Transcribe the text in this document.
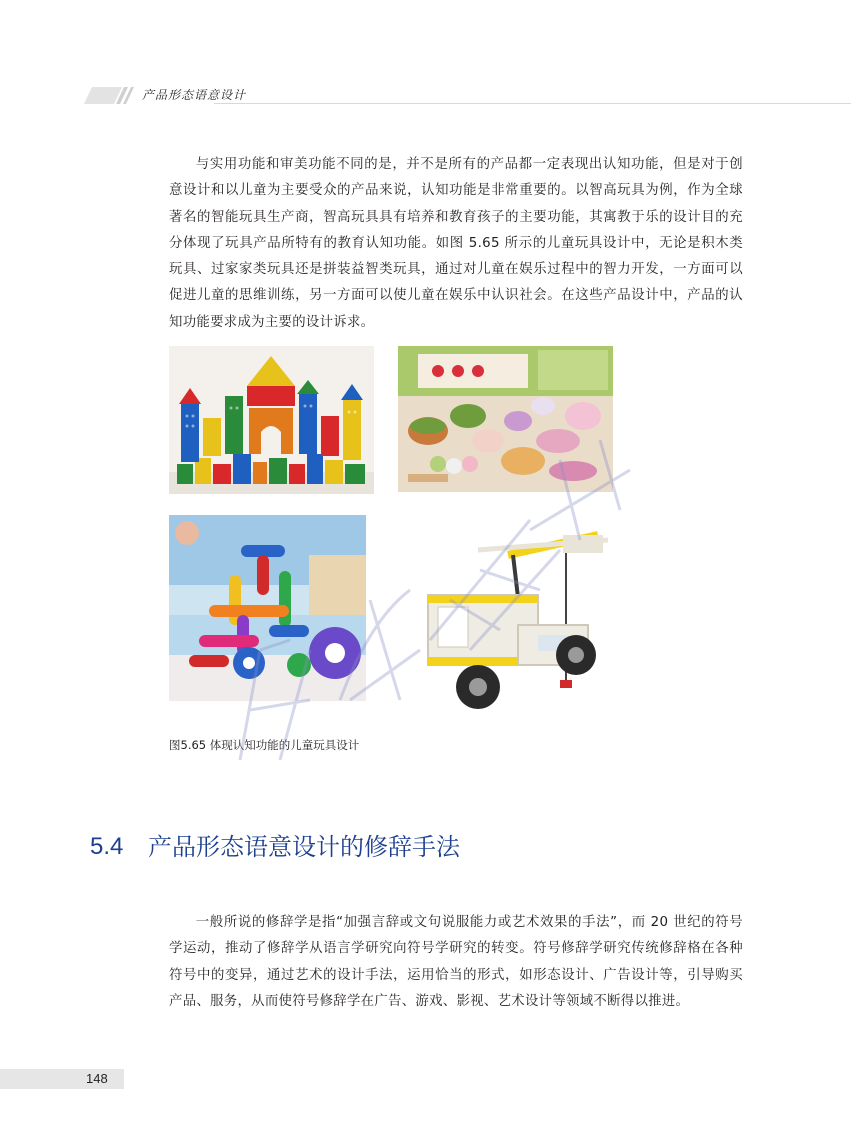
产品形态语意设计

与实用功能和审美功能不同的是，并不是所有的产品都一定表现出认知功能，但是对于创意设计和以儿童为主要受众的产品来说，认知功能是非常重要的。以智高玩具为例，作为全球著名的智能玩具生产商，智高玩具具有培养和教育孩子的主要功能，其寓教于乐的设计目的充分体现了玩具产品所特有的教育认知功能。如图 5.65 所示的儿童玩具设计中，无论是积木类玩具、过家家类玩具还是拼装益智类玩具，通过对儿童在娱乐过程中的智力开发，一方面可以促进儿童的思维训练，另一方面可以使儿童在娱乐中认识社会。在这些产品设计中，产品的认知功能要求成为主要的设计诉求。

图5.65 体现认知功能的儿童玩具设计
5.4 产品形态语意设计的修辞手法

一般所说的修辞学是指“加强言辞或文句说服能力或艺术效果的手法”，而 20 世纪的符号学运动，推动了修辞学从语言学研究向符号学研究的转变。符号修辞学研究传统修辞格在各种符号中的变异，通过艺术的设计手法，运用恰当的形式，如形态设计、广告设计等，引导购买产品、服务，从而使符号修辞学在广告、游戏、影视、艺术设计等领域不断得以推进。

148
